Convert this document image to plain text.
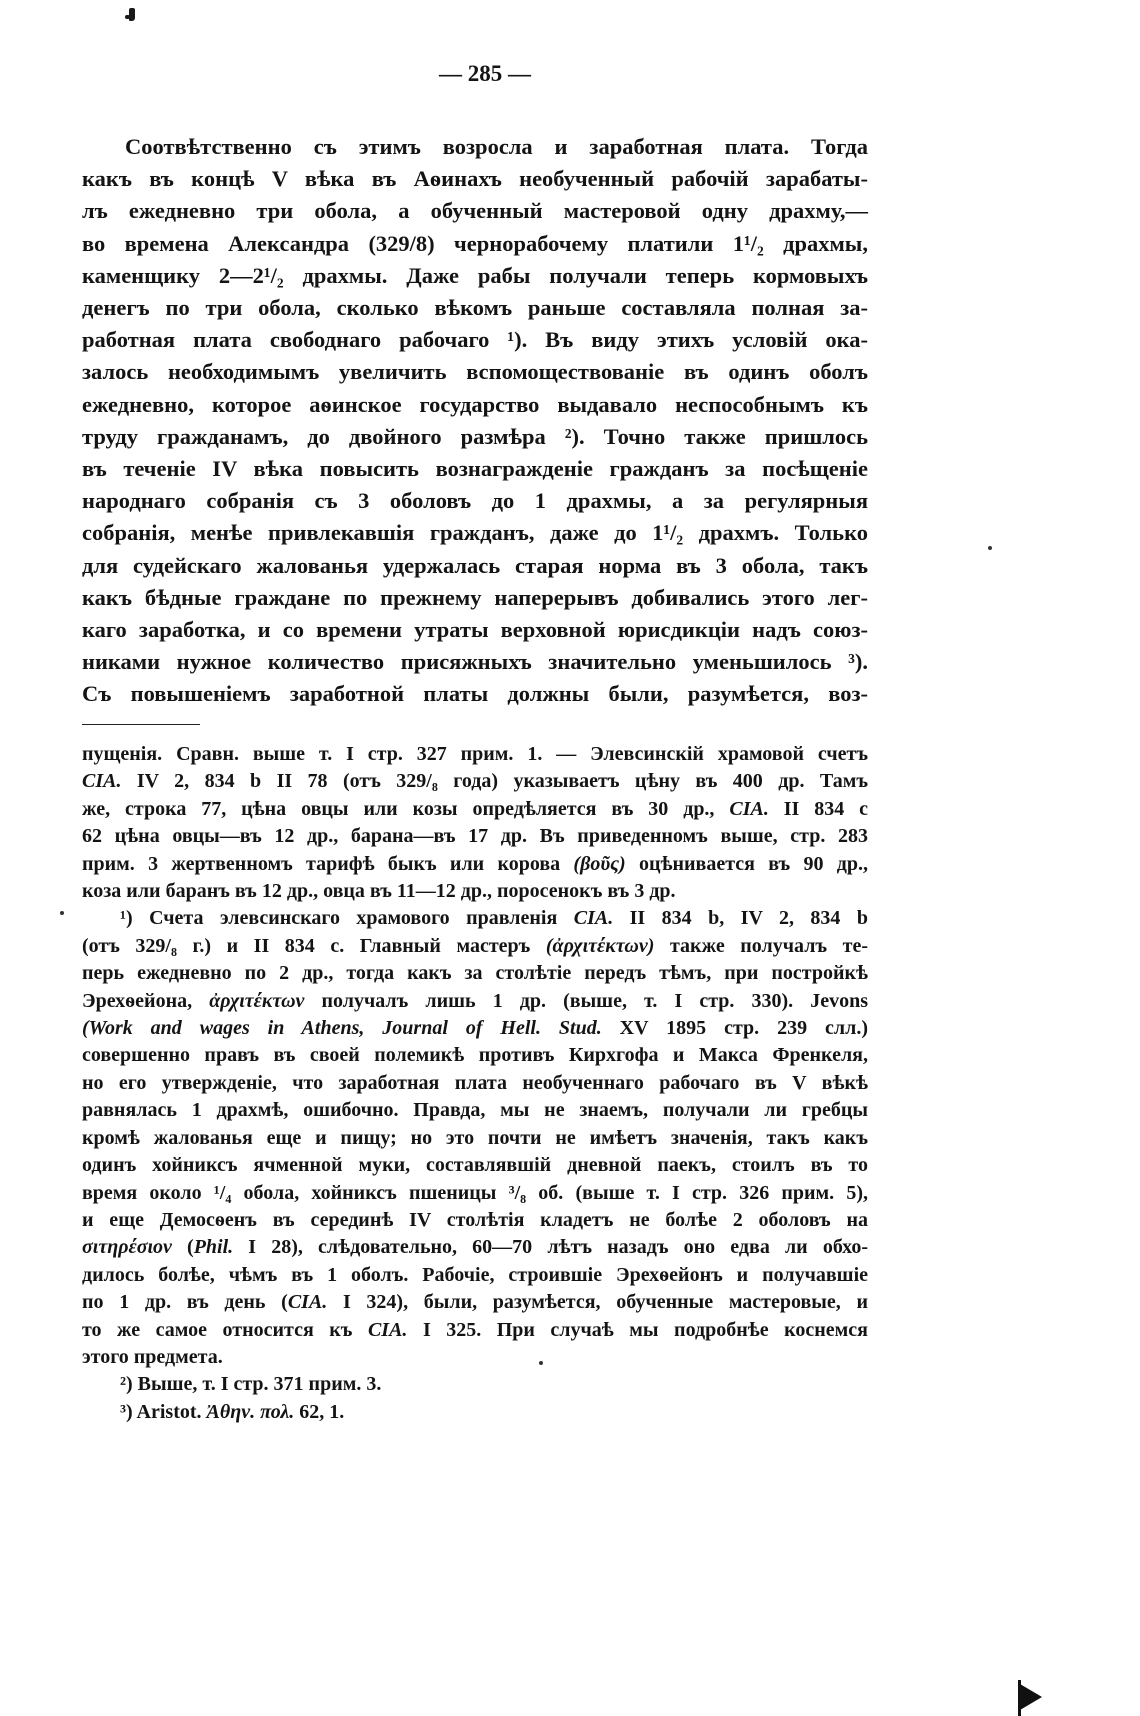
— 285 —
Соотвѣтственно съ этимъ возросла и заработная плата. Тогда
какъ въ концѣ V вѣка въ Аѳинахъ необученный рабочій зарабаты-
лъ ежедневно три обола, а обученный мастеровой одну драхму,—
во времена Александра (329/8) чернорабочему платили 1¹/₂ драхмы,
каменщику 2—2¹/₂ драхмы. Даже рабы получали теперь кормовыхъ
денегъ по три обола, сколько вѣкомъ раньше составляла полная за-
работная плата свободнаго рабочаго ¹). Въ виду этихъ условій ока-
залось необходимымъ увеличить вспомоществованіе въ одинъ оболъ
ежедневно, которое аѳинское государство выдавало неспособнымъ къ
труду гражданамъ, до двойного размѣра ²). Точно также пришлось
въ теченіе IV вѣка повысить вознагражденіе гражданъ за посѣщеніе
народнаго собранія съ 3 оболовъ до 1 драхмы, а за регулярныя
собранія, менѣе привлекавшія гражданъ, даже до 1¹/₂ драхмъ. Только
для судейскаго жалованья удержалась старая норма въ 3 обола, такъ
какъ бѣдные граждане по прежнему наперерывъ добивались этого лег-
каго заработка, и со времени утраты верховной юрисдикціи надъ союз-
никами нужное количество присяжныхъ значительно уменьшилось ³).
Съ повышеніемъ заработной платы должны были, разумѣется, воз-
пущенія. Сравн. выше т. I стр. 327 прим. 1. — Элевсинскій храмовой счетъ
CIA. IV 2, 834 b II 78 (отъ 329/₈ года) указываетъ цѣну въ 400 др. Тамъ
же, строка 77, цѣна овцы или козы опредѣляется въ 30 др., CIA. II 834 с
62 цѣна овцы—въ 12 др., барана—въ 17 др. Въ приведенномъ выше, стр. 283
прим. 3 жертвенномъ тарифѣ быкъ или корова (βοῦς) оцѣнивается въ 90 др.,
коза или баранъ въ 12 др., овца въ 11—12 др., поросенокъ въ 3 др.
¹) Счета элевсинскаго храмового правленія CIA. II 834 b, IV 2, 834 b
(отъ 329/₈ г.) и II 834 с. Главный мастеръ (ἀρχιτέκτων) также получалъ те-
перь ежедневно по 2 др., тогда какъ за столѣтіе передъ тѣмъ, при постройкѣ
Эрехѳейона, ἀρχιτέκτων получалъ лишь 1 др. (выше, т. I стр. 330). Jevons
(Work and wages in Athens, Journal of Hell. Stud. XV 1895 стр. 239 слл.)
совершенно правъ въ своей полемикѣ противъ Кирхгофа и Макса Френкеля,
но его утвержденіе, что заработная плата необученнаго рабочаго въ V вѣкѣ
равнялась 1 драхмѣ, ошибочно. Правда, мы не знаемъ, получали ли гребцы
кромѣ жалованья еще и пищу; но это почти не имѣетъ значенія, такъ какъ
одинъ хойниксъ ячменной муки, составлявшій дневной паекъ, стоилъ въ то
время около ¹/₄ обола, хойниксъ пшеницы ³/₈ об. (выше т. I стр. 326 прим. 5),
и еще Демосѳенъ въ серединѣ IV столѣтія кладетъ не болѣе 2 оболовъ на
σιτηρέσιον (Phil. I 28), слѣдовательно, 60—70 лѣтъ назадъ оно едва ли обхо-
дилось болѣе, чѣмъ въ 1 оболъ. Рабочіе, строившіе Эрехѳейонъ и получавшіе
по 1 др. въ день (CIA. I 324), были, разумѣется, обученные мастеровые, и
то же самое относится къ CIA. I 325. При случаѣ мы подробнѣе коснемся
этого предмета.
²) Выше, т. I стр. 371 прим. 3.
³) Aristot. Ἀθην. πολ. 62, 1.
